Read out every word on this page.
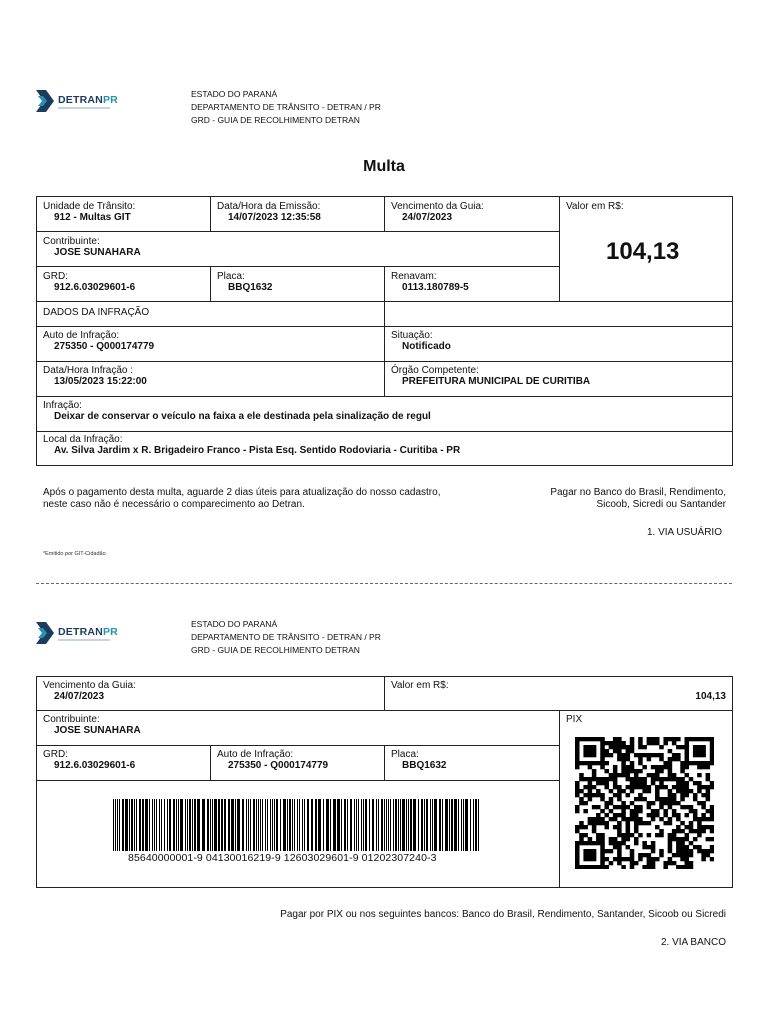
DETRANPR	ESTADO DO PARANÁ
DEPARTAMENTO DE TRÂNSITO - DETRAN / PR
GRD - GUIA DE RECOLHIMENTO DETRAN
Multa
Unidade de Trânsito:
912 - Multas GIT
Data/Hora da Emissão:
14/07/2023 12:35:58
Vencimento da Guia:
24/07/2023
Valor em R$:
104,13
Contribuinte:
JOSE SUNAHARA
GRD:
912.6.03029601-6
Placa:
BBQ1632
Renavam:
0113.180789-5
DADOS DA INFRAÇÃO
Auto de Infração:
275350 - Q000174779
Situação:
Notificado
Data/Hora Infração :
13/05/2023 15:22:00
Órgão Competente:
PREFEITURA MUNICIPAL DE CURITIBA
Infração:
Deixar de conservar o veículo na faixa a ele destinada pela sinalização de regul
Local da Infração:
Av. Silva Jardim x R. Brigadeiro Franco - Pista Esq. Sentido Rodoviaria - Curitiba - PR
Após o pagamento desta multa, aguarde 2 dias úteis para atualização do nosso cadastro,
neste caso não é necessário o comparecimento ao Detran.
Pagar no Banco do Brasil, Rendimento,
Sicoob, Sicredi ou Santander
1. VIA USUÁRIO
*Emitido por GIT-Cidadão
DETRANPR
ESTADO DO PARANÁ
DEPARTAMENTO DE TRÂNSITO - DETRAN / PR
GRD - GUIA DE RECOLHIMENTO DETRAN
Vencimento da Guia:
24/07/2023
Valor em R$:
104,13
Contribuinte:
JOSE SUNAHARA
PIX
GRD:
912.6.03029601-6
Auto de Infração:
275350 - Q000174779
Placa:
BBQ1632
85640000001-9 04130016219-9 12603029601-9 01202307240-3
Pagar por PIX ou nos seguintes bancos: Banco do Brasil, Rendimento, Santander, Sicoob ou Sicredi
2. VIA BANCO
